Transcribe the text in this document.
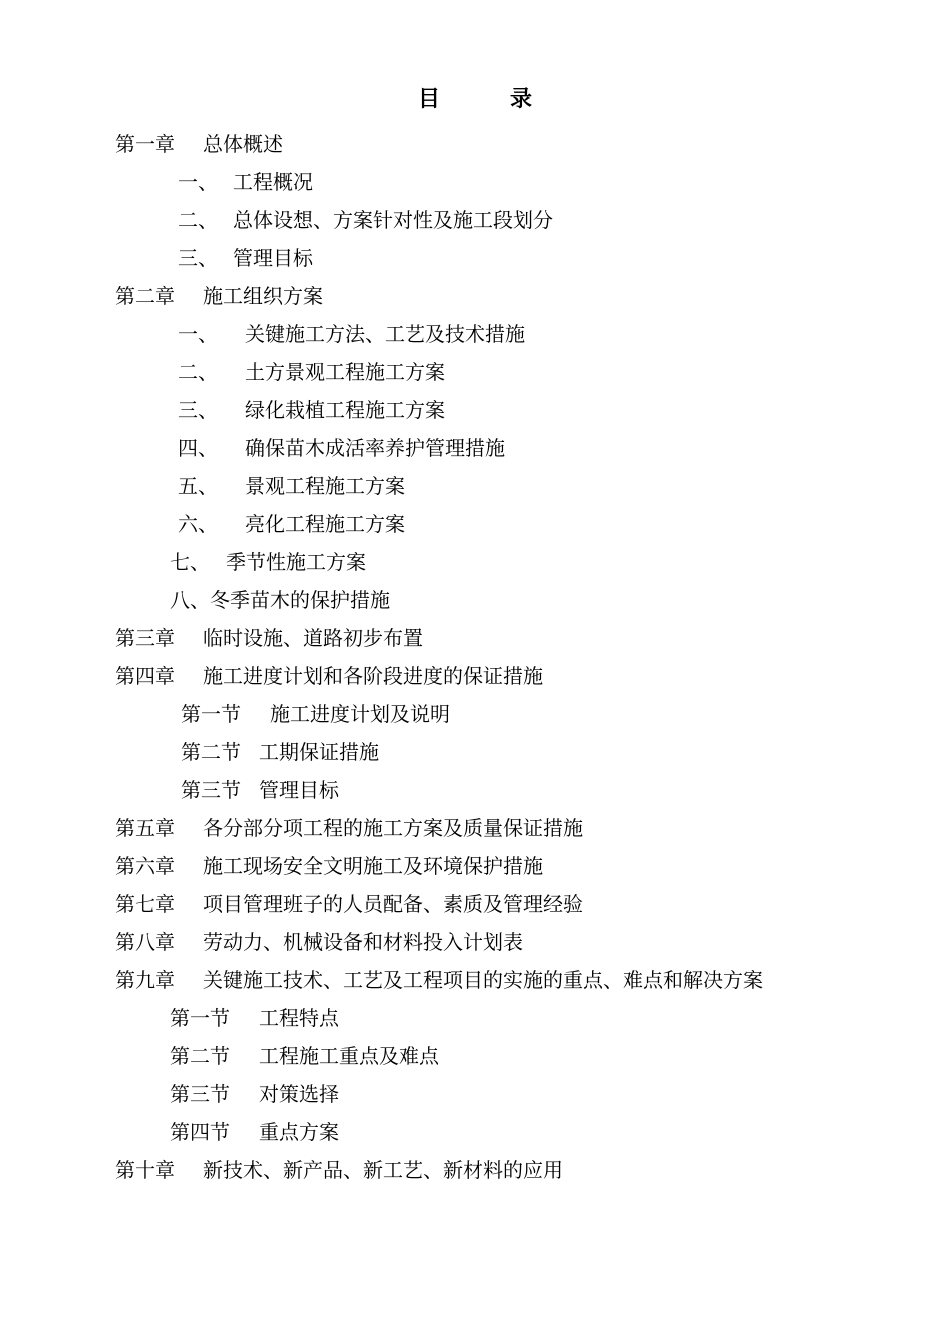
目	录
第一章 总体概述
一、 工程概况
二、 总体设想、方案针对性及施工段划分
三、 管理目标
第二章 施工组织方案
一、 关键施工方法、工艺及技术措施
二、 土方景观工程施工方案
三、 绿化栽植工程施工方案
四、 确保苗木成活率养护管理措施
五、 景观工程施工方案
六、 亮化工程施工方案
七、 季节性施工方案
八、冬季苗木的保护措施
第三章 临时设施、道路初步布置
第四章 施工进度计划和各阶段进度的保证措施
第一节 施工进度计划及说明
第二节 工期保证措施
第三节 管理目标
第五章 各分部分项工程的施工方案及质量保证措施
第六章 施工现场安全文明施工及环境保护措施
第七章 项目管理班子的人员配备、素质及管理经验
第八章 劳动力、机械设备和材料投入计划表
第九章 关键施工技术、工艺及工程项目的实施的重点、难点和解决方案
第一节 工程特点
第二节 工程施工重点及难点
第三节 对策选择
第四节 重点方案
第十章 新技术、新产品、新工艺、新材料的应用
